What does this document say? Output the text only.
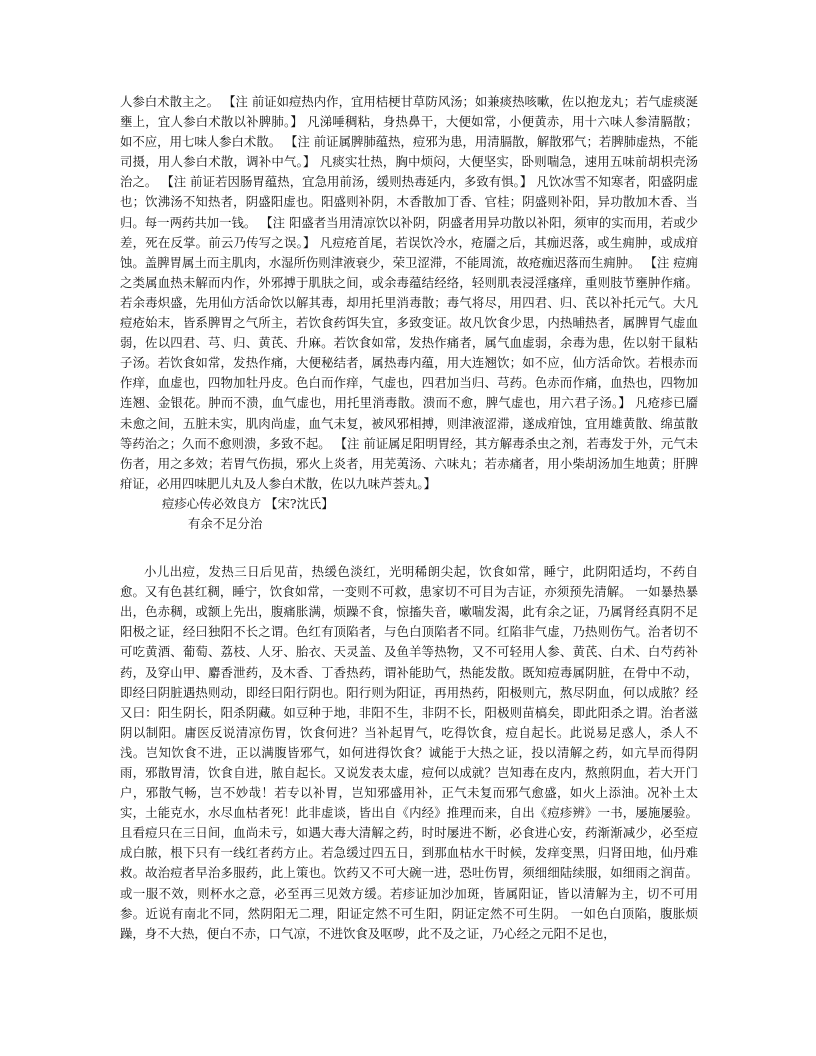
人参白术散主之。 【注 前证如痘热内作，宜用桔梗甘草防风汤；如兼痰热咳嗽，佐以抱龙丸；若气虚痰涎壅上，宜人参白术散以补脾肺。】 凡涕唾稠粘，身热鼻干，大便如常，小便黄赤，用十六味人参清膈散；如不应，用七味人参白术散。 【注 前证属脾肺蕴热，痘邪为患，用清膈散，解散邪气；若脾肺虚热，不能司摄，用人参白术散，调补中气。】 凡痰实壮热，胸中烦闷，大便坚实，卧则喘急，速用五味前胡枳壳汤治之。 【注 前证若因肠胃蕴热，宜急用前汤，缓则热毒延内，多致有惧。】 凡饮冰雪不知寒者，阳盛阴虚也；饮沸汤不知热者，阴盛阳虚也。阳盛则补阴，木香散加丁香、官桂；阴盛则补阳，异功散加木香、当归。每一两药共加一钱。 【注 阳盛者当用清凉饮以补阴，阴盛者用异功散以补阳，须审的实而用，若或少差，死在反掌。前云乃传写之误。】 凡痘疮首尾，若误饮冷水，疮靥之后，其痂迟落，或生痈肿，或成疳蚀。盖脾胃属土而主肌肉，水湿所伤则津液衰少，荣卫涩滞，不能周流，故疮痂迟落而生痈肿。 【注 痘痈之类属血热未解而内作，外邪搏于肌肤之间，或余毒蕴结经络，轻则肌表浸淫瘙痒，重则肢节壅肿作痛。若余毒炽盛，先用仙方活命饮以解其毒，却用托里消毒散；毒气将尽，用四君、归、芪以补托元气。大凡痘疮始末，皆系脾胃之气所主，若饮食药饵失宜，多致变证。故凡饮食少思，内热晡热者，属脾胃气虚血弱，佐以四君、芎、归、黄芪、升麻。若饮食如常，发热作痛者，属气血虚弱，余毒为患，佐以射干鼠粘子汤。若饮食如常，发热作痛，大便秘结者，属热毒内蕴，用大连翘饮；如不应，仙方活命饮。若根赤而作痒，血虚也，四物加牡丹皮。色白而作痒，气虚也，四君加当归、芎药。色赤而作痛，血热也，四物加连翘、金银花。肿而不溃，血气虚也，用托里消毒散。溃而不愈，脾气虚也，用六君子汤。】 凡疮疹已靥未愈之间，五脏未实，肌肉尚虚，血气未复，被风邪相搏，则津液涩滞，遂成疳蚀，宜用雄黄散、绵茧散等药治之；久而不愈则溃，多致不起。 【注 前证属足阳明胃经，其方解毒杀虫之剂，若毒发于外，元气未伤者，用之多效；若胃气伤损，邪火上炎者，用芜荑汤、六味丸；若赤痛者，用小柴胡汤加生地黄；肝脾疳证，必用四味肥儿丸及人参白术散，佐以九味芦荟丸。】

痘疹心传必效良方 【宋?沈氏】

有余不足分治

小儿出痘，发热三日后见苗，热缓色淡红，光明稀朗尖起，饮食如常，睡宁，此阴阳适均，不药自愈。又有色甚红稠，睡宁，饮食如常，一变则不可救，患家切不可目为吉证，亦须预先清解。 一如暴热暴出，色赤稠，或额上先出，腹痛胀满，烦躁不食，惊搐失音，嗽喘发渴，此有余之证，乃属肾经真阴不足阳极之证，经曰独阳不长之谓。色红有顶陷者，与色白顶陷者不同。红陷非气虚，乃热则伤气。治者切不可吃黄酒、葡萄、荔枝、人牙、胎衣、天灵盖、及鱼羊等热物，又不可轻用人参、黄芪、白术、白芍药补药，及穿山甲、麝香泄药，及木香、丁香热药，谓补能助气，热能发散。既知痘毒属阴脏，在骨中不动，即经曰阴脏遇热则动，即经曰阳行阴也。阳行则为阳证，再用热药，阳极则亢，熬尽阴血，何以成脓？经又曰：阳生阴长，阳杀阴藏。如豆种于地，非阳不生，非阴不长，阳极则苗槁矣，即此阳杀之谓。治者滋阴以制阳。庸医反说清凉伤胃，饮食何进？当补起胃气，吃得饮食，痘自起长。此说易足惑人，杀人不浅。岂知饮食不进，正以满腹皆邪气，如何进得饮食？诚能于大热之证，投以清解之药，如亢旱而得阴雨，邪散胃清，饮食自进，脓自起长。又说发表太虚，痘何以成就？岂知毒在皮内，熬煎阴血，若大开门户，邪散气畅，岂不妙哉！若专以补胃，岂知邪盛用补，正气未复而邪气愈盛，如火上添油。况补土太实，土能克水，水尽血枯者死！此非虚谈，皆出自《内经》推理而来，自出《痘疹辨》一书，屡施屡验。且看痘只在三日间，血尚未亏，如遇大毒大清解之药，时时屡进不断，必食进心安，药渐渐减少，必至痘成白脓，根下只有一线红者药方止。若急缓过四五日，到那血枯水干时候，发痒变黑，归肾田地，仙丹难救。故治痘者早治多服药，此上策也。饮药又不可大碗一进，恐吐伤胃，须细细陆续服，如细雨之润苗。或一服不效，则杯水之意，必至再三见效方缓。若疹证加沙加斑，皆属阳证，皆以清解为主，切不可用参。近说有南北不同，然阴阳无二理，阳证定然不可生阳，阴证定然不可生阴。 一如色白顶陷，腹胀烦躁，身不大热，便白不赤，口气凉，不进饮食及呕哕，此不及之证，乃心经之元阳不足也，
